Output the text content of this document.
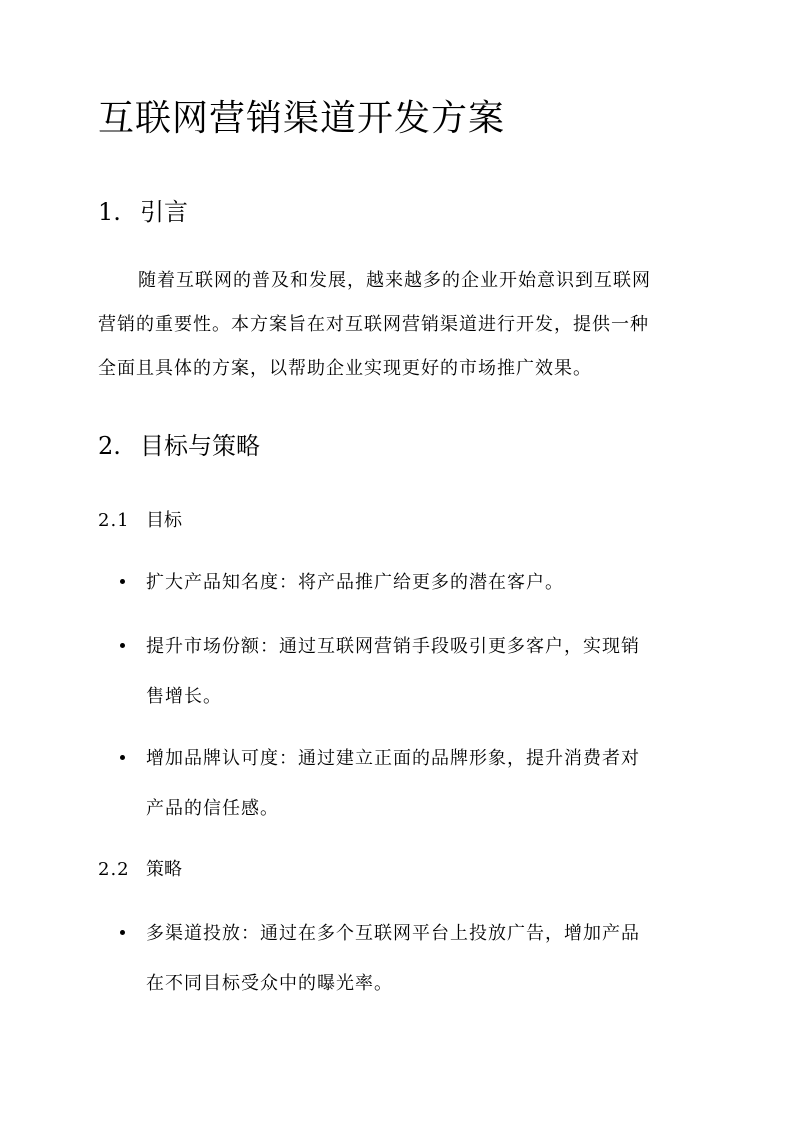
互联网营销渠道开发方案
1. 引言
随着互联网的普及和发展，越来越多的企业开始意识到互联网
营销的重要性。本方案旨在对互联网营销渠道进行开发，提供一种
全面且具体的方案，以帮助企业实现更好的市场推广效果。
2. 目标与策略
2.1 目标
扩大产品知名度：将产品推广给更多的潜在客户。
提升市场份额：通过互联网营销手段吸引更多客户，实现销
售增长。
增加品牌认可度：通过建立正面的品牌形象，提升消费者对
产品的信任感。
2.2 策略
多渠道投放：通过在多个互联网平台上投放广告，增加产品
在不同目标受众中的曝光率。
